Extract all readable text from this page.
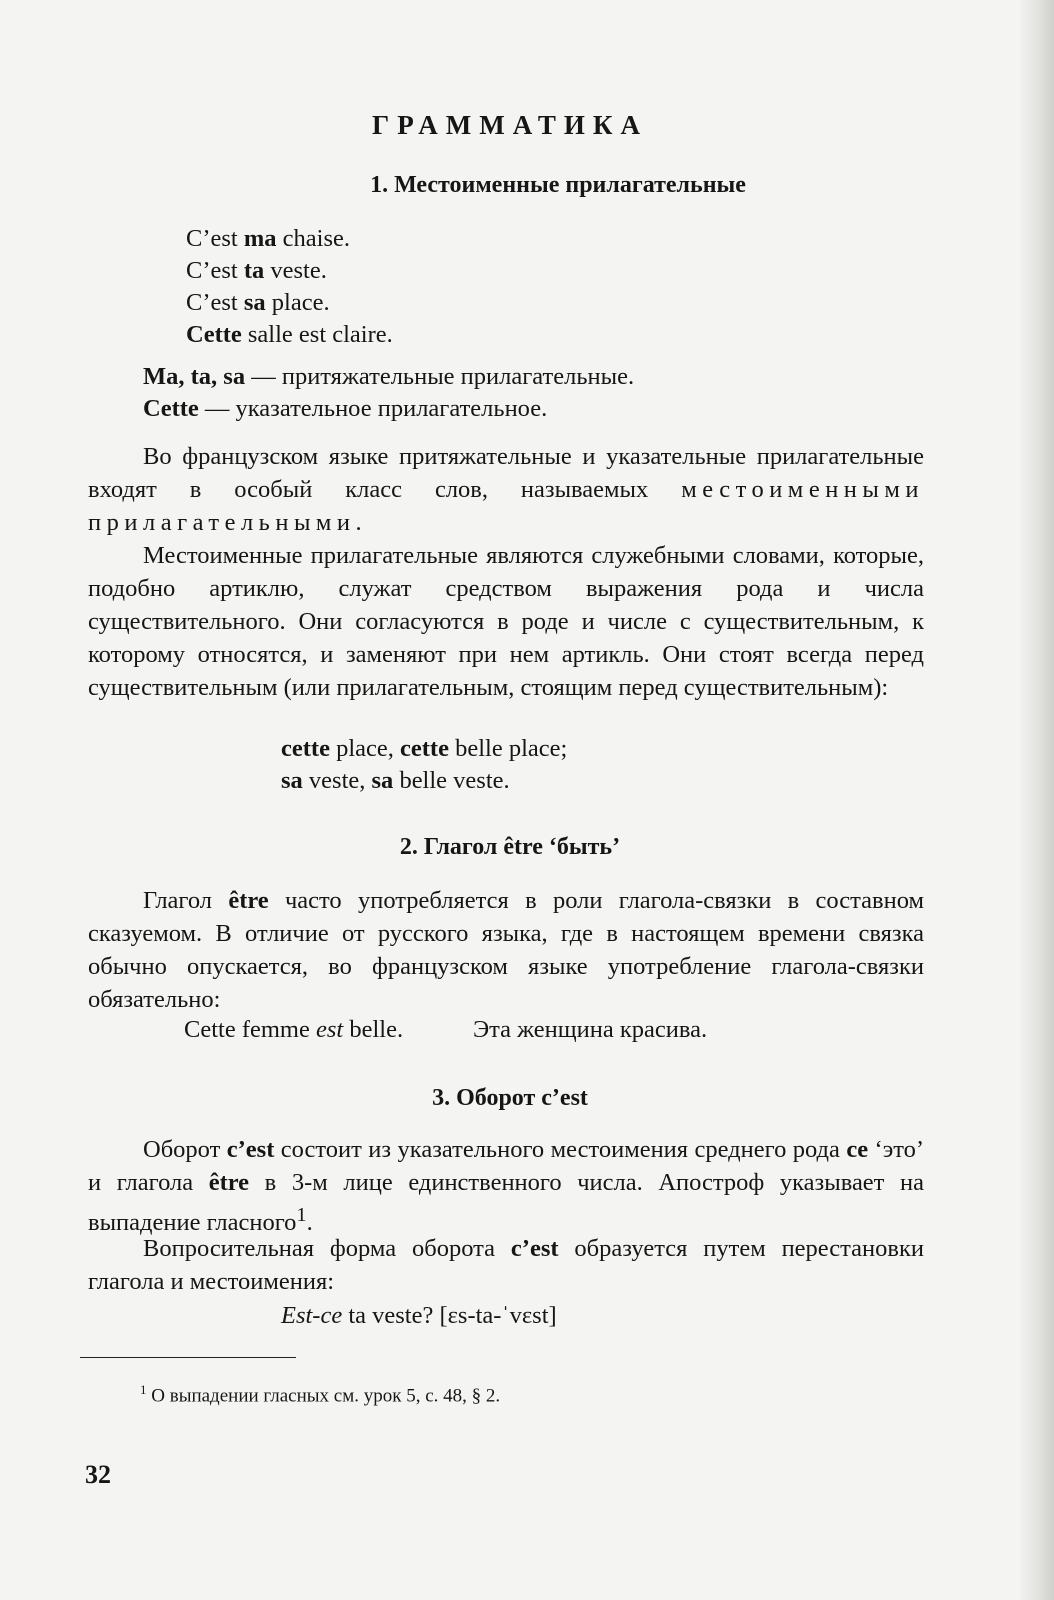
ГРАММАТИКА
1. Местоименные прилагательные
C’est ma chaise.
C’est ta veste.
C’est sa place.
Cette salle est claire.
Ma, ta, sa — притяжательные прилагательные.
Cette — указательное прилагательное.
Во французском языке притяжательные и указательные прилагательные входят в особый класс слов, называемых местоименными прилагательными.
Местоименные прилагательные являются служебными словами, которые, подобно артиклю, служат средством выражения рода и числа существительного. Они согласуются в роде и числе с существительным, к которому относятся, и заменяют при нем артикль. Они стоят всегда перед существительным (или прилагательным, стоящим перед существительным):
cette place, cette belle place;
sa veste, sa belle veste.
2. Глагол être ‘быть’
Глагол être часто употребляется в роли глагола-связки в составном сказуемом. В отличие от русского языка, где в настоящем времени связка обычно опускается, во французском языке употребление глагола-связки обязательно:
Cette femme est belle.	Эта женщина красива.
3. Оборот c’est
Оборот c’est состоит из указательного местоимения среднего рода ce ‘это’ и глагола être в 3-м лице единственного числа. Апостроф указывает на выпадение гласного$^1$.
Вопросительная форма оборота c’est образуется путем перестановки глагола и местоимения:
Est-ce ta veste? [ɛs-ta-ˈvɛst]
$^1$ О выпадении гласных см. урок 5, с. 48, § 2.
32
